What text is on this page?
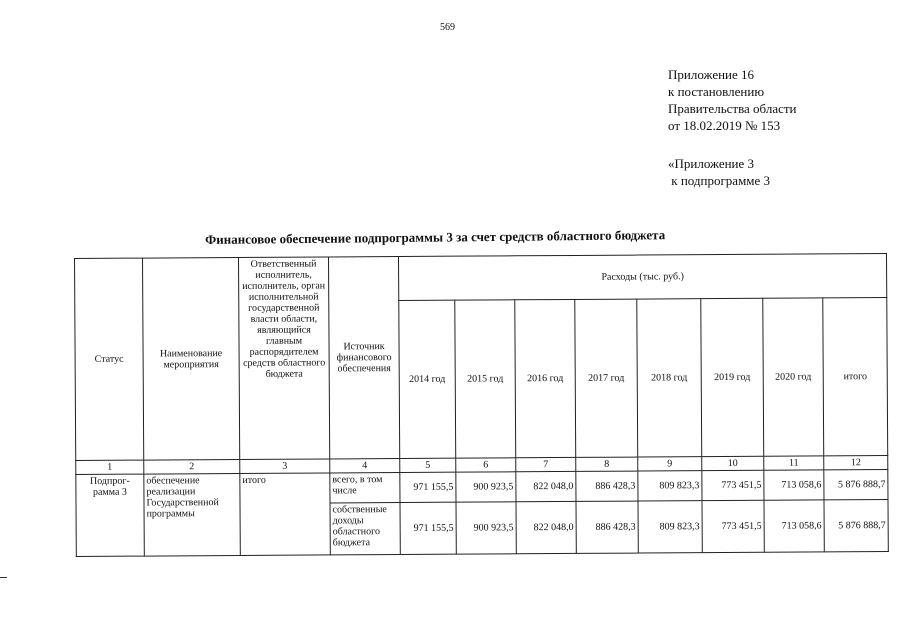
569
Приложение 16
к постановлению
Правительства области
от 18.02.2019 № 153
«Приложение 3
к подпрограмме 3
Финансовое обеспечение подпрограммы 3 за счет средств областного бюджета
Статус	Наименование мероприятия	Ответственный исполнитель, исполнитель, орган исполнительной государственной власти области, являющийся главным распорядителем средств областного бюджета	Источник финансового обеспечения	Расходы (тыс. руб.)							
				2014 год	2015 год	2016 год	2017 год	2018 год	2019 год	2020 год	итого
1	2	3	4	5	6	7	8	9	10	11	12
Подпрог-рамма 3	обеспечение реализации Государственной программы	итого	всего, в том числе	971 155,5	900 923,5	822 048,0	886 428,3	809 823,3	773 451,5	713 058,6	5 876 888,7
			собственные доходы областного бюджета	971 155,5	900 923,5	822 048,0	886 428,3	809 823,3	773 451,5	713 058,6	5 876 888,7
